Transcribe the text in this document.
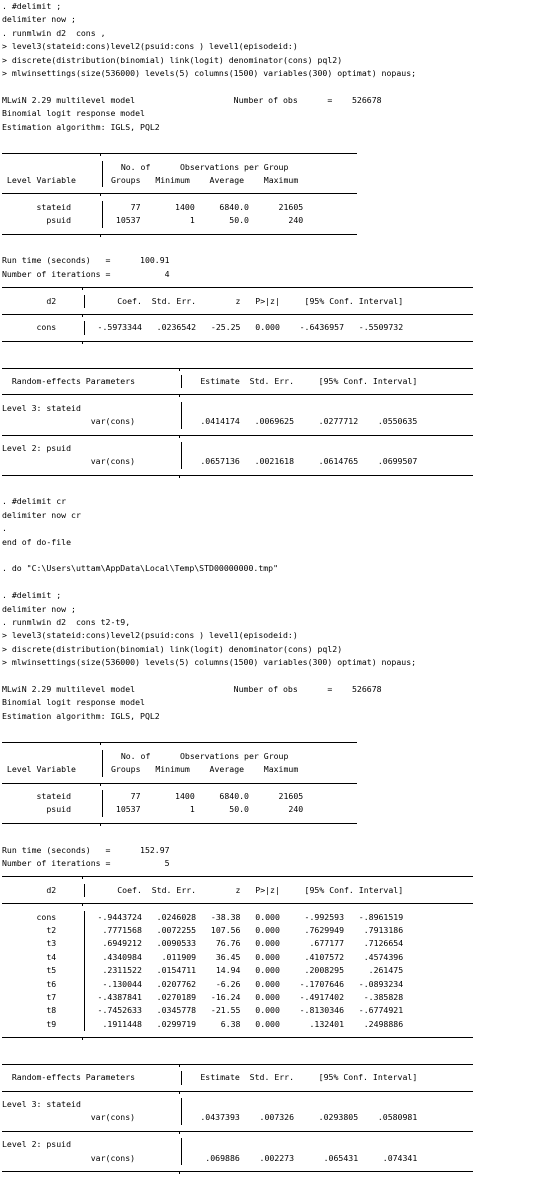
. #delimit ;
delimiter now ;
. runmlwin d2  cons ,
> level3(stateid:cons)level2(psuid:cons ) level1(episodeid:)
> discrete(distribution(binomial) link(logit) denominator(cons) pql2)
> mlwinsettings(size(536000) levels(5) columns(1500) variables(300) optimat) nopaus;
MLwiN 2.29 multilevel model                    Number of obs      =    526678
Binomial logit response model
Estimation algorithm: IGLS, PQL2
No. of      Observations per Group
Level Variable	Groups   Minimum    Average    Maximum
stateid	77       1400     6840.0      21605
psuid	10537          1       50.0        240
Run time (seconds)   =      100.91
Number of iterations =           4
d2	Coef.  Std. Err.        z   P>|z|     [95% Conf. Interval]
cons	-.5973344   .0236542   -25.25   0.000    -.6436957   -.5509732
Random-effects Parameters	Estimate  Std. Err.     [95% Conf. Interval]
Level 3: stateid
var(cons)	.0414174   .0069625     .0277712    .0550635
Level 2: psuid
var(cons)	.0657136   .0021618     .0614765    .0699507
. #delimit cr
delimiter now cr
.
end of do-file
. do "C:\Users\uttam\AppData\Local\Temp\STD00000000.tmp"
. #delimit ;
delimiter now ;
. runmlwin d2  cons t2-t9,
> level3(stateid:cons)level2(psuid:cons ) level1(episodeid:)
> discrete(distribution(binomial) link(logit) denominator(cons) pql2)
> mlwinsettings(size(536000) levels(5) columns(1500) variables(300) optimat) nopaus;
MLwiN 2.29 multilevel model                    Number of obs      =    526678
Binomial logit response model
Estimation algorithm: IGLS, PQL2
No. of      Observations per Group
Level Variable	Groups   Minimum    Average    Maximum
stateid	77       1400     6840.0      21605
psuid	10537          1       50.0        240
Run time (seconds)   =      152.97
Number of iterations =           5
d2	Coef.  Std. Err.        z   P>|z|     [95% Conf. Interval]
cons	-.9443724   .0246028   -38.38   0.000     -.992593   -.8961519
t2	.7771568   .0072255   107.56   0.000     .7629949    .7913186
t3	.6949212   .0090533    76.76   0.000      .677177    .7126654
t4	.4340984    .011909    36.45   0.000     .4107572    .4574396
t5	.2311522   .0154711    14.94   0.000     .2008295     .261475
t6	-.130044   .0207762    -6.26   0.000    -.1707646   -.0893234
t7	-.4387841   .0270189   -16.24   0.000    -.4917402    -.385828
t8	-.7452633   .0345778   -21.55   0.000    -.8130346   -.6774921
t9	.1911448   .0299719     6.38   0.000      .132401    .2498886
Random-effects Parameters	Estimate  Std. Err.     [95% Conf. Interval]
Level 3: stateid
var(cons)	.0437393    .007326     .0293805    .0580981
Level 2: psuid
var(cons)	.069886    .002273      .065431     .074341
